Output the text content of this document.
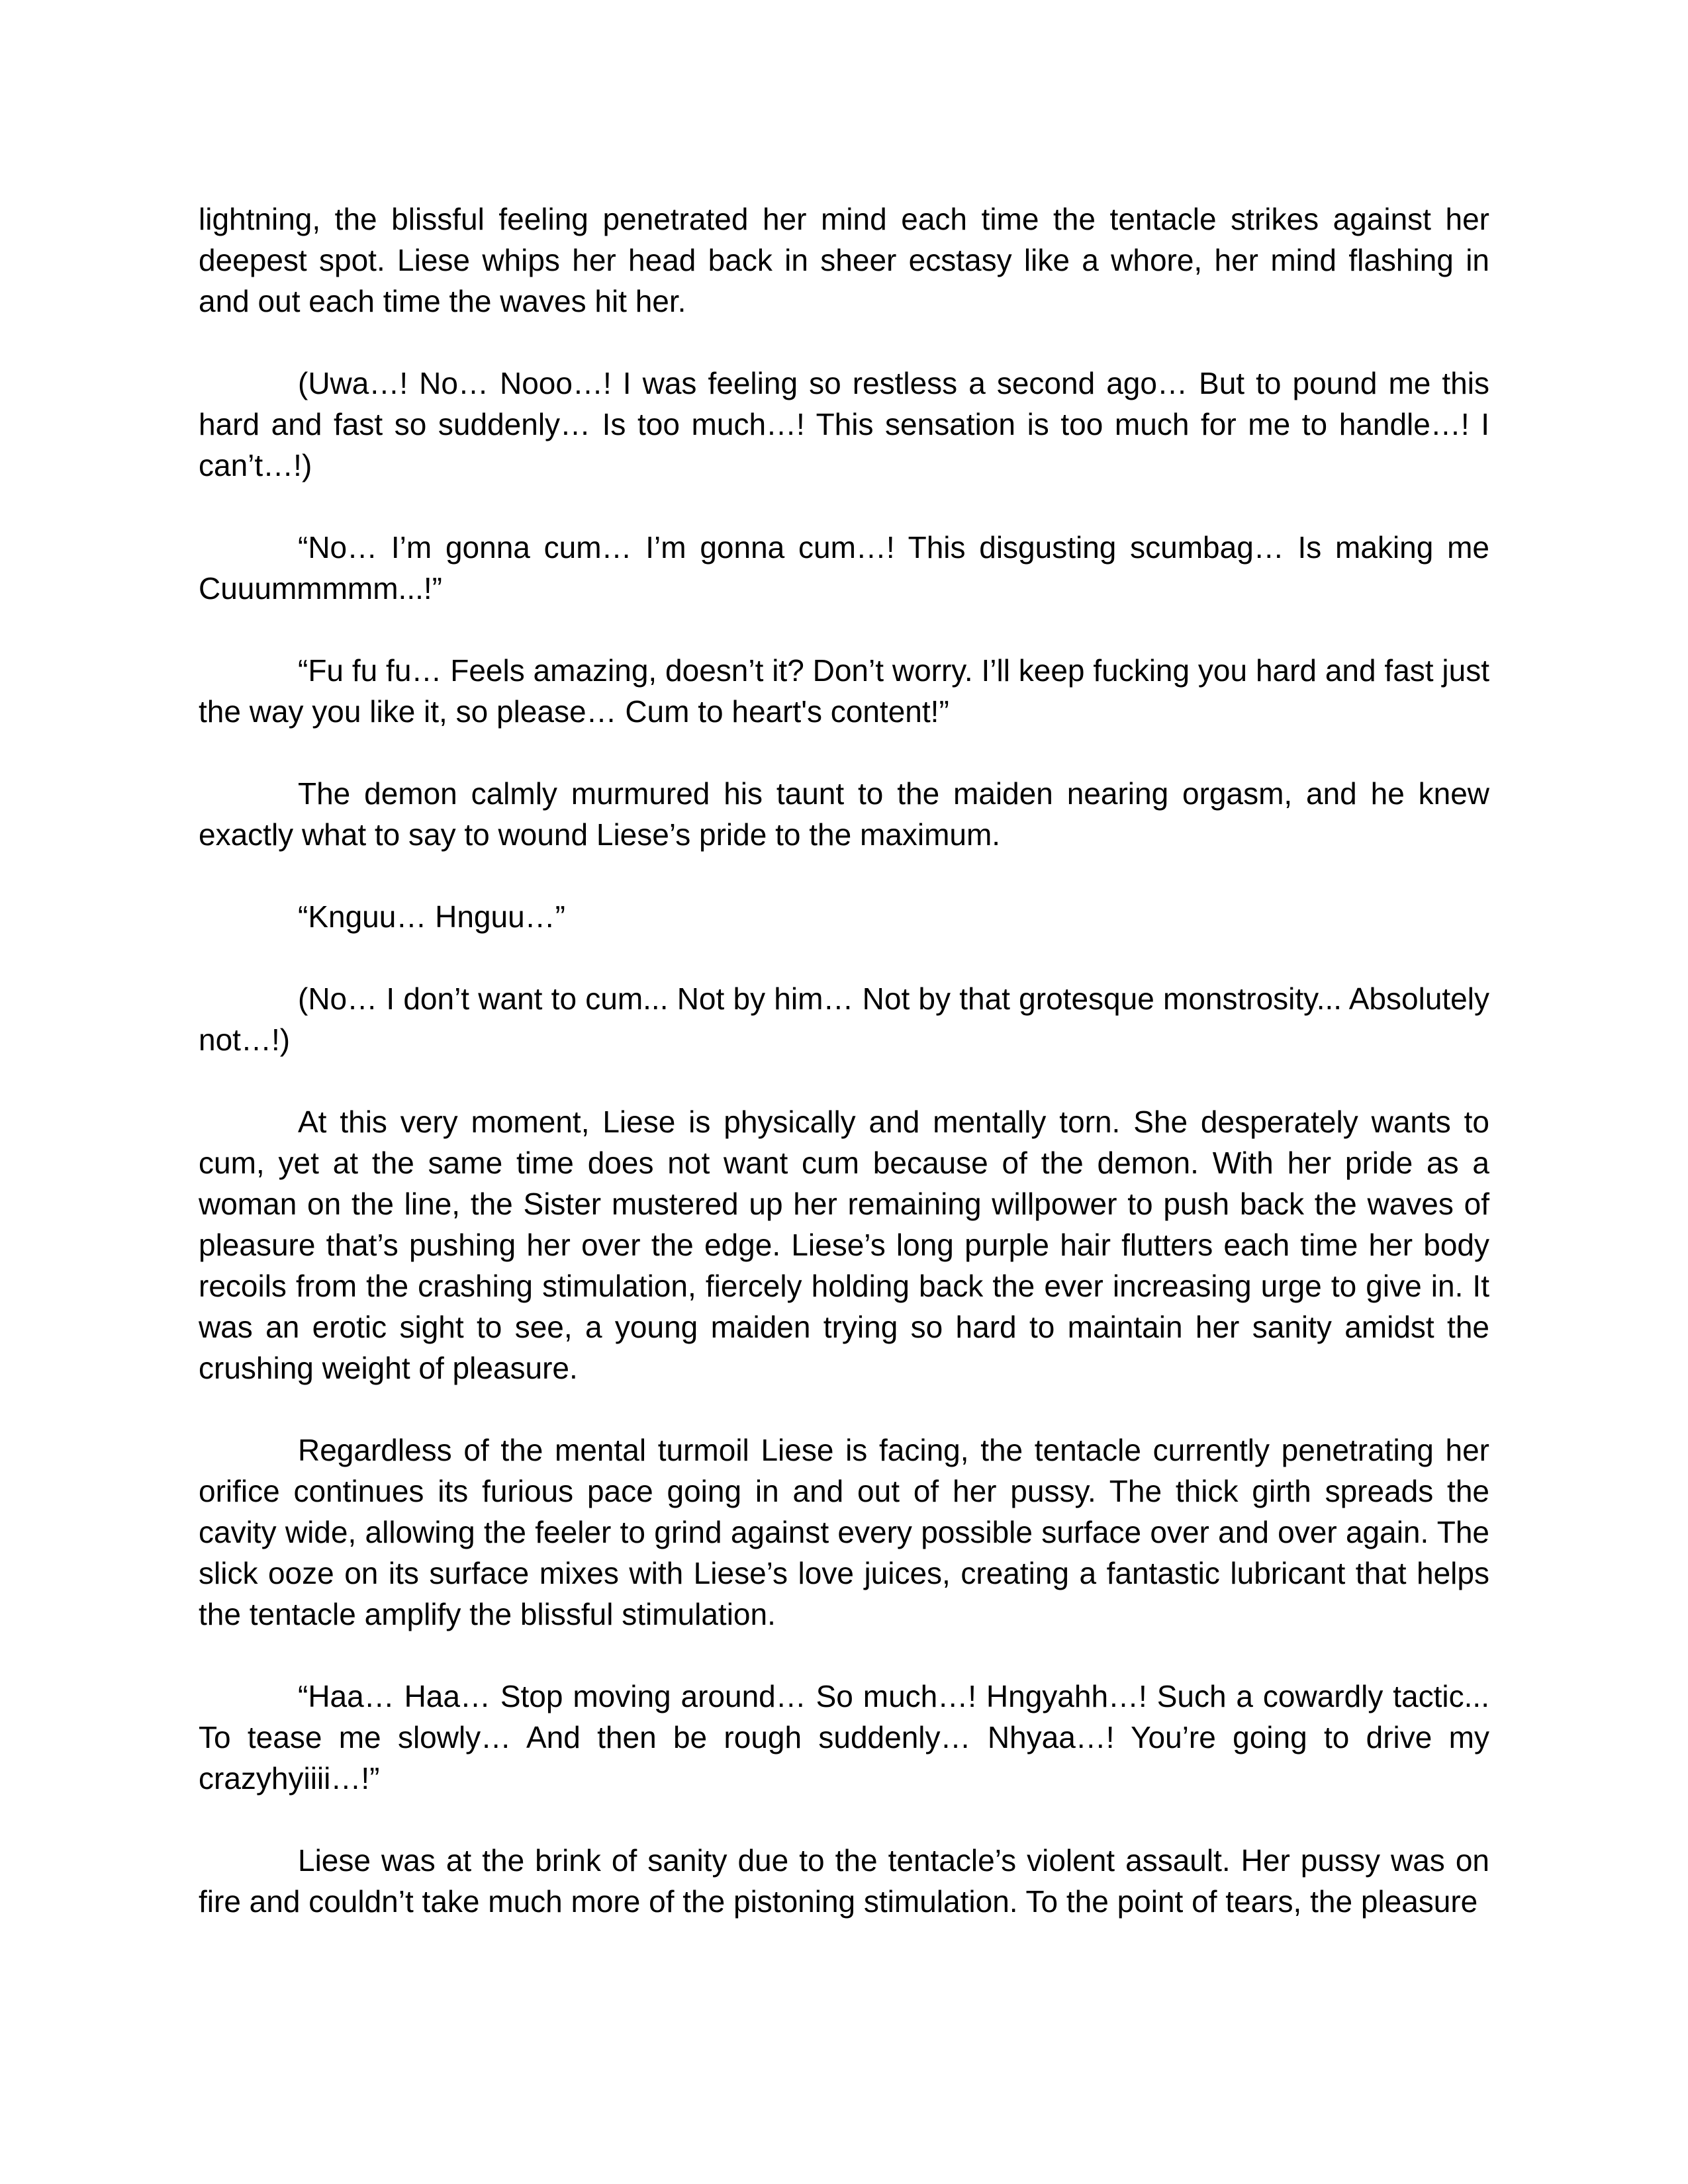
lightning, the blissful feeling penetrated her mind each time the tentacle strikes against her deepest spot. Liese whips her head back in sheer ecstasy like a whore, her mind flashing in and out each time the waves hit her.

(Uwa…! No… Nooo…! I was feeling so restless a second ago… But to pound me this hard and fast so suddenly… Is too much…! This sensation is too much for me to handle…! I can’t…!)

“No… I’m gonna cum… I’m gonna cum…! This disgusting scumbag… Is making me Cuuummmmm...!”

“Fu fu fu… Feels amazing, doesn’t it? Don’t worry. I’ll keep fucking you hard and fast just the way you like it, so please… Cum to heart's content!”

The demon calmly murmured his taunt to the maiden nearing orgasm, and he knew exactly what to say to wound Liese’s pride to the maximum.

“Knguu… Hnguu…”

(No… I don’t want to cum... Not by him… Not by that grotesque monstrosity... Absolutely not…!)

At this very moment, Liese is physically and mentally torn. She desperately wants to cum, yet at the same time does not want cum because of the demon. With her pride as a woman on the line, the Sister mustered up her remaining willpower to push back the waves of pleasure that’s pushing her over the edge. Liese’s long purple hair flutters each time her body recoils from the crashing stimulation, fiercely holding back the ever increasing urge to give in. It was an erotic sight to see, a young maiden trying so hard to maintain her sanity amidst the crushing weight of pleasure.

Regardless of the mental turmoil Liese is facing, the tentacle currently penetrating her orifice continues its furious pace going in and out of her pussy. The thick girth spreads the cavity wide, allowing the feeler to grind against every possible surface over and over again. The slick ooze on its surface mixes with Liese’s love juices, creating a fantastic lubricant that helps the tentacle amplify the blissful stimulation.

“Haa… Haa… Stop moving around… So much…! Hngyahh…! Such a cowardly tactic... To tease me slowly… And then be rough suddenly… Nhyaa…! You’re going to drive my crazyhyiiii…!”

Liese was at the brink of sanity due to the tentacle’s violent assault. Her pussy was on fire and couldn’t take much more of the pistoning stimulation. To the point of tears, the pleasure
